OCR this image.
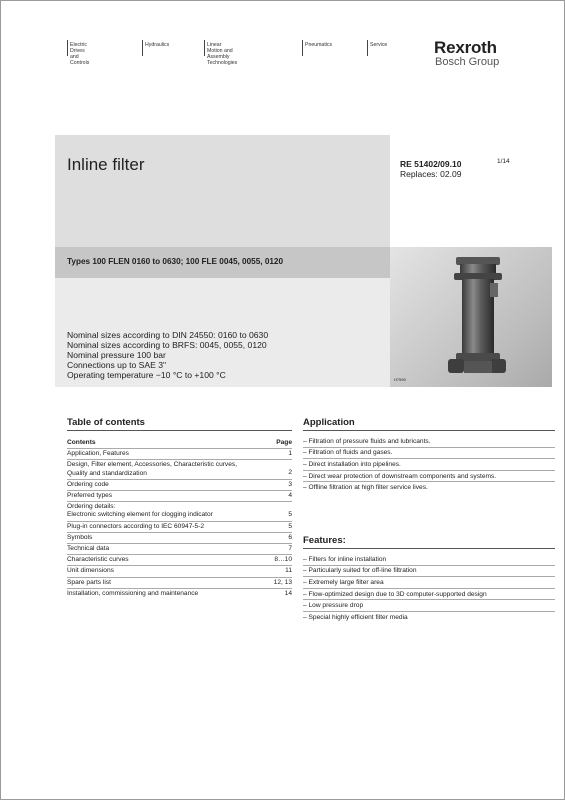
Electric Drives
and Controls
Hydraulics	Linear Motion and
Assembly Technologies
Pneumatics	Service	Rexroth
Bosch Group
Inline filter	RE 51402/09.10
Replaces: 02.09
1/14
Types 100 FLEN 0160 to 0630; 100 FLE 0045, 0055, 0120
Nominal sizes according to DIN 24550: 0160 to 0630
Nominal sizes according to BRFS: 0045, 0055, 0120
Nominal pressure 100 bar
Connections up to SAE 3"
Operating temperature −10 °C to +100 °C	H7590
Table of contents
Contents	Page
Application, Features	1
Design, Filter element, Accessories, Characteristic curves,
Quality and standardization	2
Ordering code	3
Preferred types	4
Ordering details:
Electronic switching element for clogging indicator	5
Plug-in connectors according to IEC 60947-5-2	5
Symbols	6
Technical data	7
Characteristic curves	8…10
Unit dimensions	11
Spare parts list	12, 13
Installation, commissioning and maintenance	14
Application
– Filtration of pressure fluids and lubricants.
– Filtration of fluids and gases.
– Direct installation into pipelines.
– Direct wear protection of downstream components and systems.
– Offline filtration at high filter service lives.
Features:
– Filters for inline installation
– Particularly suited for off-line filtration
– Extremely large filter area
– Flow-optimized design due to 3D computer-supported design
– Low pressure drop
– Special highly efficient filter media
